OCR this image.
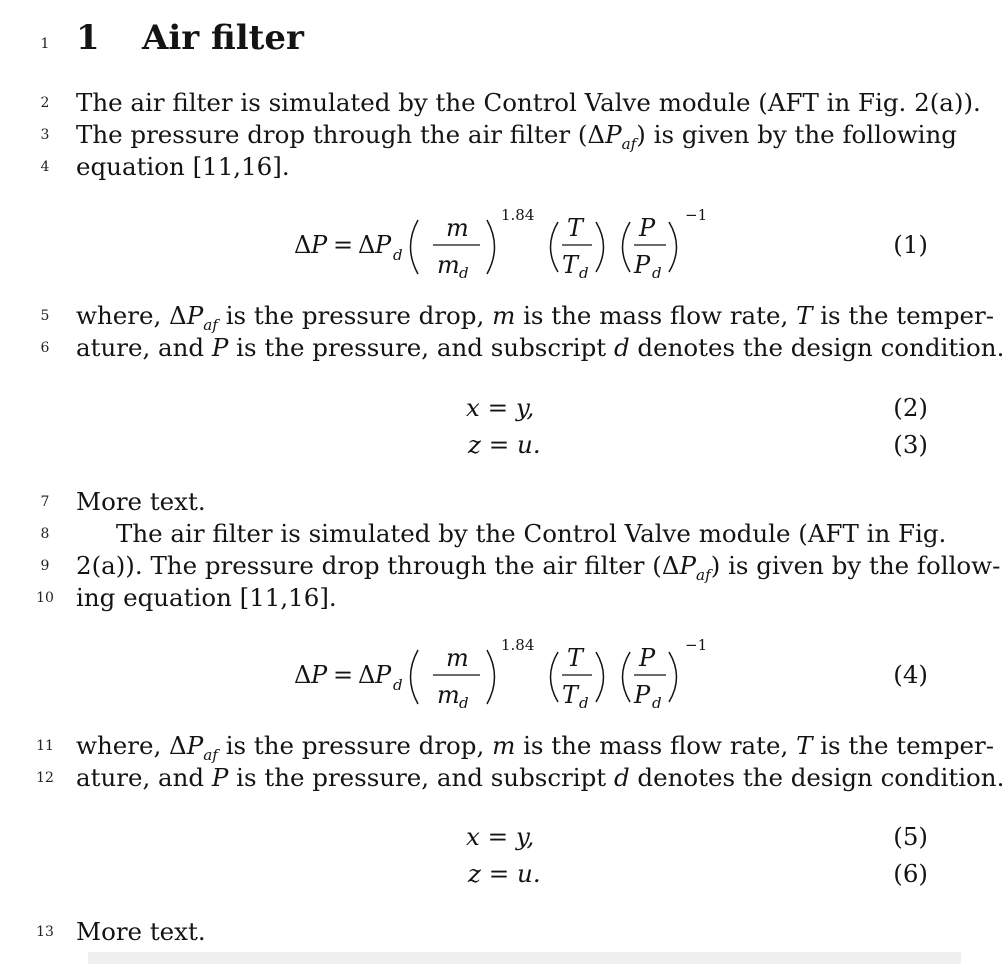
1 1 Air filter
2	The air filter is simulated by the Control Valve module (AFT in Fig. 2(a)).
3	The pressure drop through the air filter $(\Delta P_{af})$ is given by the following
4	equation [11,16].
Δ P = Δ P d
m
m d
1.84 T
T d
P
P d
−1
(1)
5	where, $\Delta P_{af}$ is the pressure drop, m is the mass flow rate, T is the temper-
6	ature, and P is the pressure, and subscript d denotes the design condition.
x = y,	(2)
z = u.	(3)
7	More text.
8	The air filter is simulated by the Control Valve module (AFT in Fig.
9	2(a)). The pressure drop through the air filter $(\Delta P_{af})$ is given by the follow-
10 ing equation [11,16].
Δ P = Δ P d
m
m d
1.84 T
T d
P
P d
−1
(4)
11 where, $\Delta P_{af}$ is the pressure drop, m is the mass flow rate, T is the temper-
12 ature, and P is the pressure, and subscript d denotes the design condition.
x = y,	(5)
z = u.	(6)
13 More text.
